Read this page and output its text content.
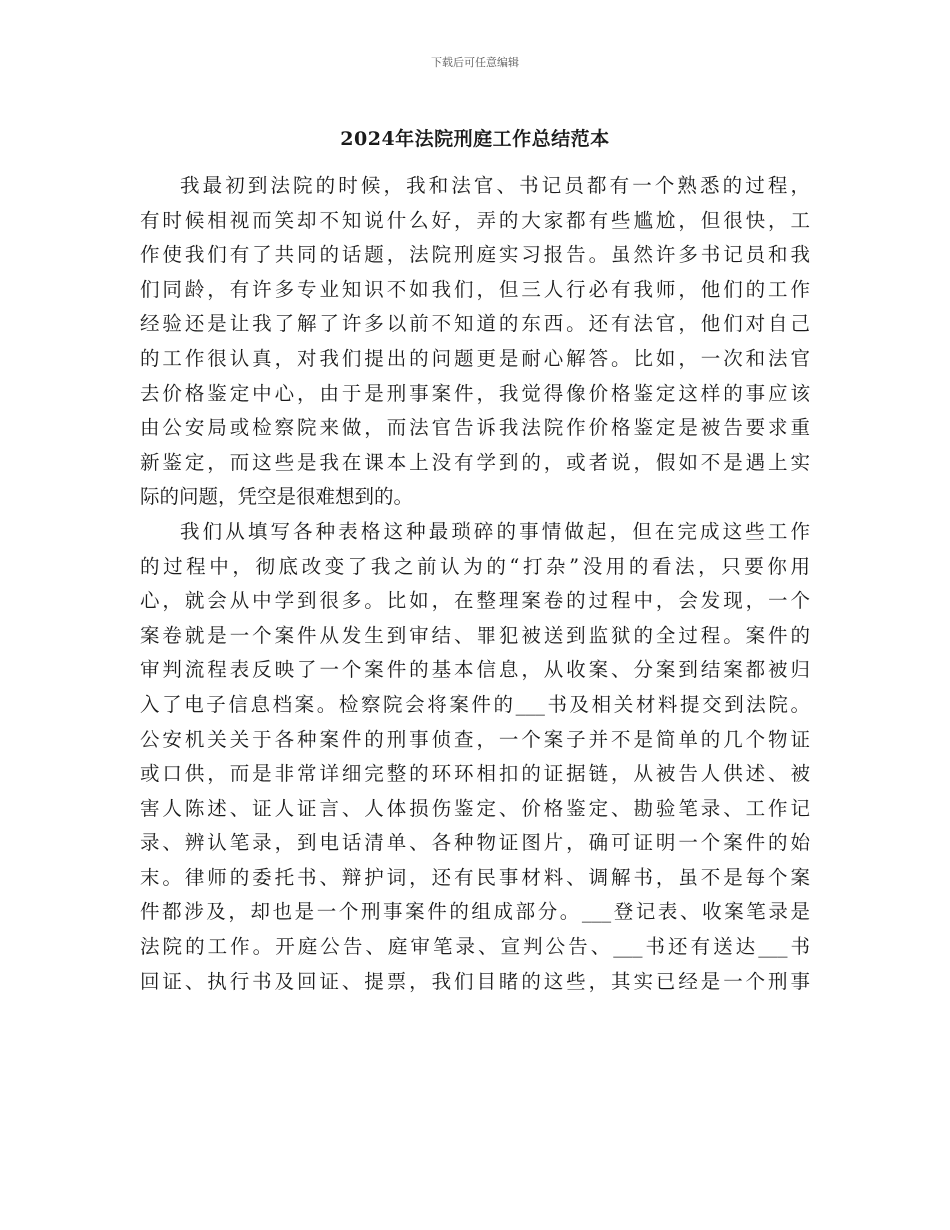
下载后可任意编辑
2024年法院刑庭工作总结范本
我最初到法院的时候，我和法官、书记员都有一个熟悉的过程，
有时候相视而笑却不知说什么好，弄的大家都有些尴尬，但很快，工
作使我们有了共同的话题，法院刑庭实习报告。虽然许多书记员和我
们同龄，有许多专业知识不如我们，但三人行必有我师，他们的工作
经验还是让我了解了许多以前不知道的东西。还有法官，他们对自己
的工作很认真，对我们提出的问题更是耐心解答。比如，一次和法官
去价格鉴定中心，由于是刑事案件，我觉得像价格鉴定这样的事应该
由公安局或检察院来做，而法官告诉我法院作价格鉴定是被告要求重
新鉴定，而这些是我在课本上没有学到的，或者说，假如不是遇上实
际的问题，凭空是很难想到的。
我们从填写各种表格这种最琐碎的事情做起，但在完成这些工作
的过程中，彻底改变了我之前认为的“打杂”没用的看法，只要你用
心，就会从中学到很多。比如，在整理案卷的过程中，会发现，一个
案卷就是一个案件从发生到审结、罪犯被送到监狱的全过程。案件的
审判流程表反映了一个案件的基本信息，从收案、分案到结案都被归
入了电子信息档案。检察院会将案件的___书及相关材料提交到法院。
公安机关关于各种案件的刑事侦查，一个案子并不是简单的几个物证
或口供，而是非常详细完整的环环相扣的证据链，从被告人供述、被
害人陈述、证人证言、人体损伤鉴定、价格鉴定、勘验笔录、工作记
录、辨认笔录，到电话清单、各种物证图片，确可证明一个案件的始
末。律师的委托书、辩护词，还有民事材料、调解书，虽不是每个案
件都涉及，却也是一个刑事案件的组成部分。___登记表、收案笔录是
法院的工作。开庭公告、庭审笔录、宣判公告、___书还有送达___书
回证、执行书及回证、提票，我们目睹的这些，其实已经是一个刑事
